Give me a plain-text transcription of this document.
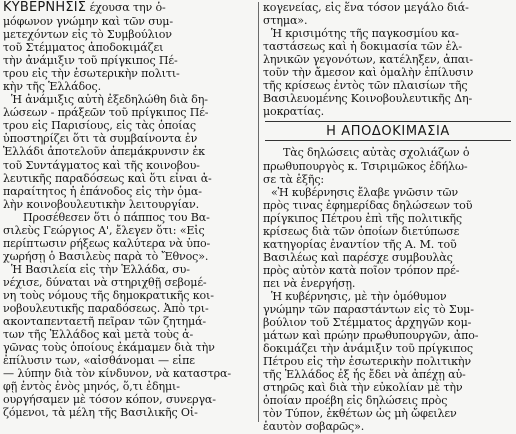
ΚΥΒΕΡΝΗΣΙΣ έχουσα την ὁ-
μόφωνον γνώμην καὶ τῶν συμ-
μετεχόντων εἰς τὸ Συμβούλιον
τοῦ Στέμματος ἀποδοκιμάζει
τὴν ἀνάμιξιν τοῦ πρίγκιπος Πέ-
τρου εἰς τὴν ἐσωτερικὴν πολιτι-
κὴν τῆς Ἑλλάδος.
Ἡ ἀνάμιξις αὐτὴ ἐξεδηλώθη διὰ δη-
λώσεων - πράξεῶν τοῦ πρίγκιπος Πέ-
τρου εἰς Παρισίους, εἰς τὰς ὁποίας
ὑποστηρίζει ὅτι τὰ συμβαίνοντα ἐν
Ἑλλάδι ἀποτελοῦν ἀπεμάκρυνσιν ἐκ
τοῦ Συντάγματος καὶ τῆς κοινοβου-
λευτικῆς παραδόσεως καὶ ὅτι εἶναι ἀ-
παραίτητος ἡ ἐπάνοδος εἰς τὴν ὁμα-
λὴν κοινοβουλευτικὴν λειτουργίαν.
Προσέθεσεν ὅτι ὁ πάππος του Βα-
σιλεὺς Γεώργιος Α', ἔλεγεν ὅτι: «Εἰς
περίπτωσιν ρήξεως καλύτερα νὰ ὑπο-
χωρήσῃ ὁ Βασιλεὺς παρὰ τὸ Ἔθνος».
Ἡ Βασιλεία εἰς τὴν Ἑλλάδα, συ-
νέχισε, δύναται νὰ στηριχθῇ σεβομέ-
νη τοὺς νόμους τῆς δημοκρατικῆς κοι-
νοβουλευτικῆς παραδόσεως. Ἀπὸ τρι-
ακονταπενταετῆ πεῖραν τῶν ζητημά-
των τῆς Ἑλλάδος καὶ μετὰ τοὺς ἀ-
γῶνας τοὺς ὁποίους ἐκάμαμεν διὰ τὴν
ἐπίλυσιν των, «αἰσθάνομαι — εἶπε
— λύπην διὰ τὸν κίνδυνον, νὰ καταστρα-
φῇ ἐντὸς ἑνὸς μηνός, ὅ,τι ἐδημι-
ουργήσαμεν μὲ τόσον κόπον, συνεργα-
ζόμενοι, τὰ μέλη τῆς Βασιλικῆς Οἰ-
κογενείας, εἰς ἕνα τόσον μεγάλο διά-
στημα».
Ἡ κρισιμότης τῆς παγκοσμίου κα-
ταστάσεως καὶ ἡ δοκιμασία τῶν ἑλ-
ληνικῶν γεγονότων, κατέληξεν, ἀπαι-
τοῦν τὴν ἄμεσον καὶ ὁμαλὴν ἐπίλυσιν
τῆς κρίσεως ἐντὸς τῶν πλαισίων τῆς
Βασιλευομένης Κοινοβουλευτικῆς Δη-
μοκρατίας.
Η ΑΠΟΔΟΚΙΜΑΣΙΑ
Τὰς δηλώσεις αὐτὰς σχολιάζων ὁ
πρωθυπουργὸς κ. Τσιριμῶκος ἐδήλω-
σε τὰ ἑξῆς:
«Ἡ κυβέρνησις ἔλαβε γνῶσιν τῶν
πρὸς τινας ἐφημερίδας δηλώσεων τοῦ
πρίγκιπος Πέτρου ἐπὶ τῆς πολιτικῆς
κρίσεως διὰ τῶν ὁποίων διετύπωσε
κατηγορίας ἐναντίον τῆς Α. Μ. τοῦ
Βασιλέως καὶ παρέσχε συμβουλὰς
πρὸς αὐτὸν κατὰ ποῖον τρόπον πρέ-
πει νὰ ἐνεργήσῃ.
Ἡ κυβέρνησις, μὲ τὴν ὁμόθυμον
γνώμην τῶν παραστάντων εἰς τὸ Συμ-
βούλιον τοῦ Στέμματος ἀρχηγῶν κομ-
μάτων καὶ πρώην πρωθυπουργῶν, ἀπο-
δοκιμάζει τὴν ἀνάμιξιν τοῦ πρίγκιπος
Πέτρου εἰς τὴν ἐσωτερικὴν πολιτικὴν
τῆς Ἑλλάδος ἐξ ἧς ἔδει νὰ ἀπέχῃ αὐ-
στηρῶς καὶ διὰ τὴν εὐκολίαν μὲ τὴν
ὁποίαν προέβη εἰς δηλώσεις πρὸς
τὸν Τύπον, ἐκθέτων ὡς μὴ ὤφειλεν
ἑαυτὸν σοβαρῶς».
